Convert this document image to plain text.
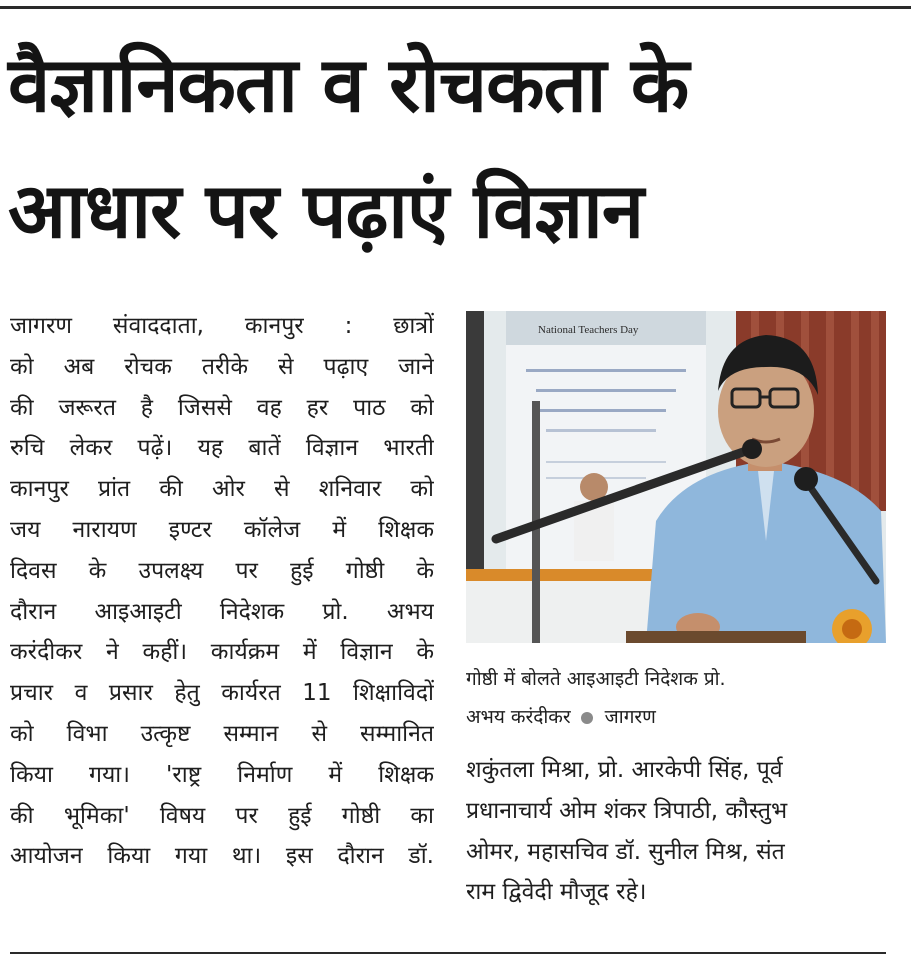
वैज्ञानिकता व रोचकता के
आधार पर पढ़ाएं विज्ञान
जागरण संवाददाता, कानपुर : छात्रों
को अब रोचक तरीके से पढ़ाए जाने
की जरूरत है जिससे वह हर पाठ को
रुचि लेकर पढ़ें। यह बातें विज्ञान भारती
कानपुर प्रांत की ओर से शनिवार को
जय नारायण इण्टर कॉलेज में शिक्षक
दिवस के उपलक्ष्य पर हुई गोष्ठी के
दौरान आइआइटी निदेशक प्रो. अभय
करंदीकर ने कहीं। कार्यक्रम में विज्ञान के
प्रचार व प्रसार हेतु कार्यरत 11 शिक्षाविदों
को विभा उत्कृष्ट सम्मान से सम्मानित
किया गया। 'राष्ट्र निर्माण में शिक्षक
की भूमिका' विषय पर हुई गोष्ठी का
आयोजन किया गया था। इस दौरान डॉ.
National Teachers Day
गोष्ठी में बोलते आइआइटी निदेशक प्रो.
अभय करंदीकर जागरण
शकुंतला मिश्रा, प्रो. आरकेपी सिंह, पूर्व
प्रधानाचार्य ओम शंकर त्रिपाठी, कौस्तुभ
ओमर, महासचिव डॉ. सुनील मिश्र, संत
राम द्विवेदी मौजूद रहे।
